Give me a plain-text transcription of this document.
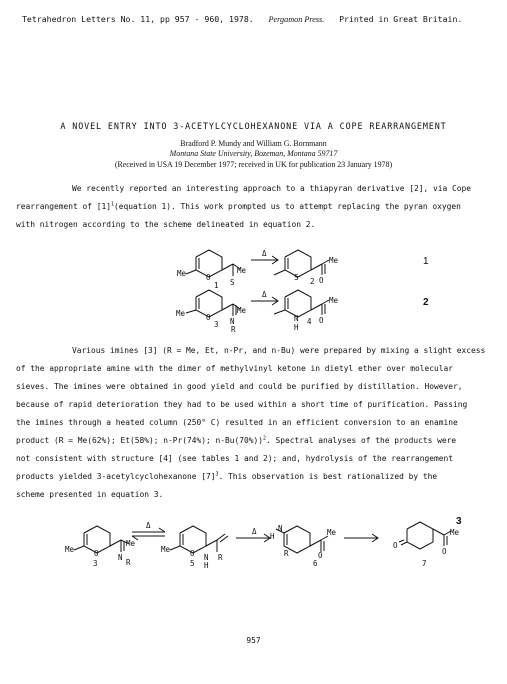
Tetrahedron Letters No. 11, pp 957 - 960, 1978. Pergamon Press. Printed in Great Britain.
A NOVEL ENTRY INTO 3-ACETYLCYCLOHEXANONE VIA A COPE REARRANGEMENT
Bradford P. Mundy and William G. Bornmann
Montana State University, Bozeman, Montana 59717
(Received in USA 19 December 1977; received in UK for publication 23 January 1978)
We recently reported an interesting approach to a thiapyran derivative [2], via Cope
rearrangement of $[1]^1(equation$ 1). This work prompted us to attempt replacing the pyran oxygen
with nitrogen according to the scheme delineated in equation 2.
Me	O
Me
S
1
Δ
S 2 O
Me	1
Me	O
Me
N
R
3
Δ
N
H
4 O
Me	2
Various imines [3] (R = Me, Et, n-Pr, and n-Bu) were prepared by mixing a slight excess
of the appropriate amine with the dimer of methylvinyl ketone in dietyl ether over molecular
sieves. The imines were obtained in good yield and could be purified by distillation. However,
because of rapid deterioration they had to be used within a short time of purification. Passing
the imines through a heated column (250° C) resulted in an efficient conversion to an enamine
product (R = Me(62%); Et(58%); n-Pr(74%); n-Bu(70%))$^2$. Spectral analyses of the products were
not consistent with structure [4] (see tables 1 and 2); and, hydrolysis of the rearrangement
products yielded 3-acetylcyclohexanone $[7]^3$. This observation is best rationalized by the
scheme presented in equation 3.
Me	O
Me
N
R
3
Δ
Me	O
5
N
H
R
Δ	N
H
R
6
O
Me
O
7
O
Me
3
957
